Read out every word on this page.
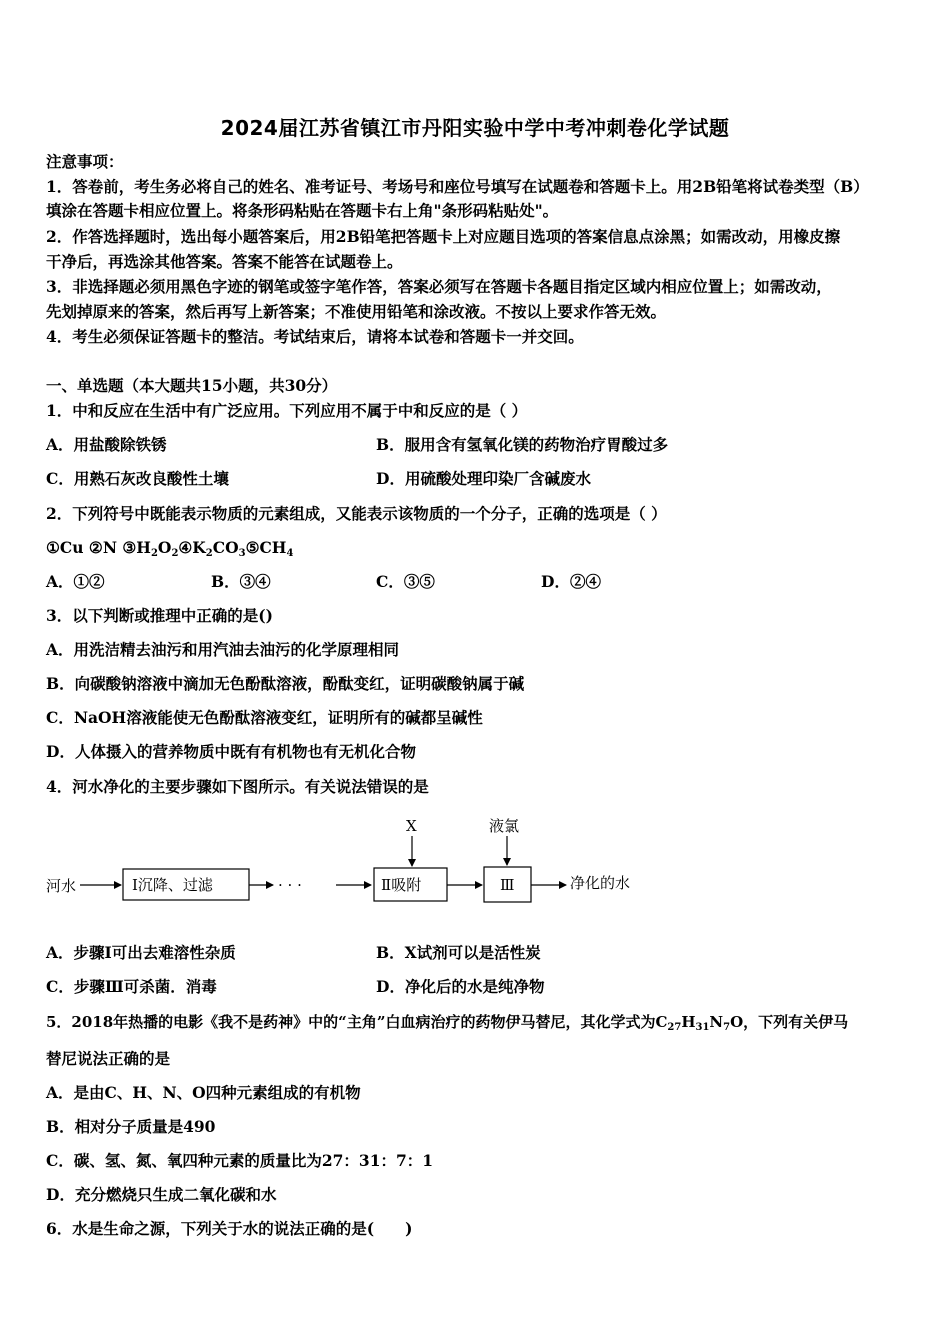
2024届江苏省镇江市丹阳实验中学中考冲刺卷化学试题
注意事项：
1．答卷前，考生务必将自己的姓名、准考证号、考场号和座位号填写在试题卷和答题卡上。用2B铅笔将试卷类型（B）
填涂在答题卡相应位置上。将条形码粘贴在答题卡右上角"条形码粘贴处"。
2．作答选择题时，选出每小题答案后，用2B铅笔把答题卡上对应题目选项的答案信息点涂黑；如需改动，用橡皮擦
干净后，再选涂其他答案。答案不能答在试题卷上。
3．非选择题必须用黑色字迹的钢笔或签字笔作答，答案必须写在答题卡各题目指定区域内相应位置上；如需改动，
先划掉原来的答案，然后再写上新答案；不准使用铅笔和涂改液。不按以上要求作答无效。
4．考生必须保证答题卡的整洁。考试结束后，请将本试卷和答题卡一并交回。
一、单选题（本大题共15小题，共30分）
1．中和反应在生活中有广泛应用。下列应用不属于中和反应的是（ ）
A．用盐酸除铁锈	B．服用含有氢氧化镁的药物治疗胃酸过多
C．用熟石灰改良酸性土壤	D．用硫酸处理印染厂含碱废水
2．下列符号中既能表示物质的元素组成，又能表示该物质的一个分子，正确的选项是（ ）
①Cu ②N $③H_2O_2④K_2CO_3⑤CH_4$
A．①②	B．③④	C．③⑤	D．②④
3．以下判断或推理中正确的是()
A．用洗洁精去油污和用汽油去油污的化学原理相同
B．向碳酸钠溶液中滴加无色酚酞溶液，酚酞变红，证明碳酸钠属于碱
C．NaOH溶液能使无色酚酞溶液变红，证明所有的碱都呈碱性
D．人体摄入的营养物质中既有有机物也有无机化合物
4．河水净化的主要步骤如下图所示。有关说法错误的是
河水	Ⅰ沉降、过滤	· · ·	Ⅱ吸附
X
Ⅲ
液氯
净化的水
A．步骤Ⅰ可出去难溶性杂质	B．X试剂可以是活性炭
C．步骤Ⅲ可杀菌．消毒	D．净化后的水是纯净物
5．2018年热播的电影《我不是药神》中的“主角”白血病治疗的药物伊马替尼，其化学式为$C_{27}H_{31}N_7O$，下列有关伊马
替尼说法正确的是
A．是由C、H、N、O四种元素组成的有机物
B．相对分子质量是490
C．碳、氢、氮、氧四种元素的质量比为27：31：7：1
D．充分燃烧只生成二氧化碳和水
6．水是生命之源，下列关于水的说法正确的是(　　)
